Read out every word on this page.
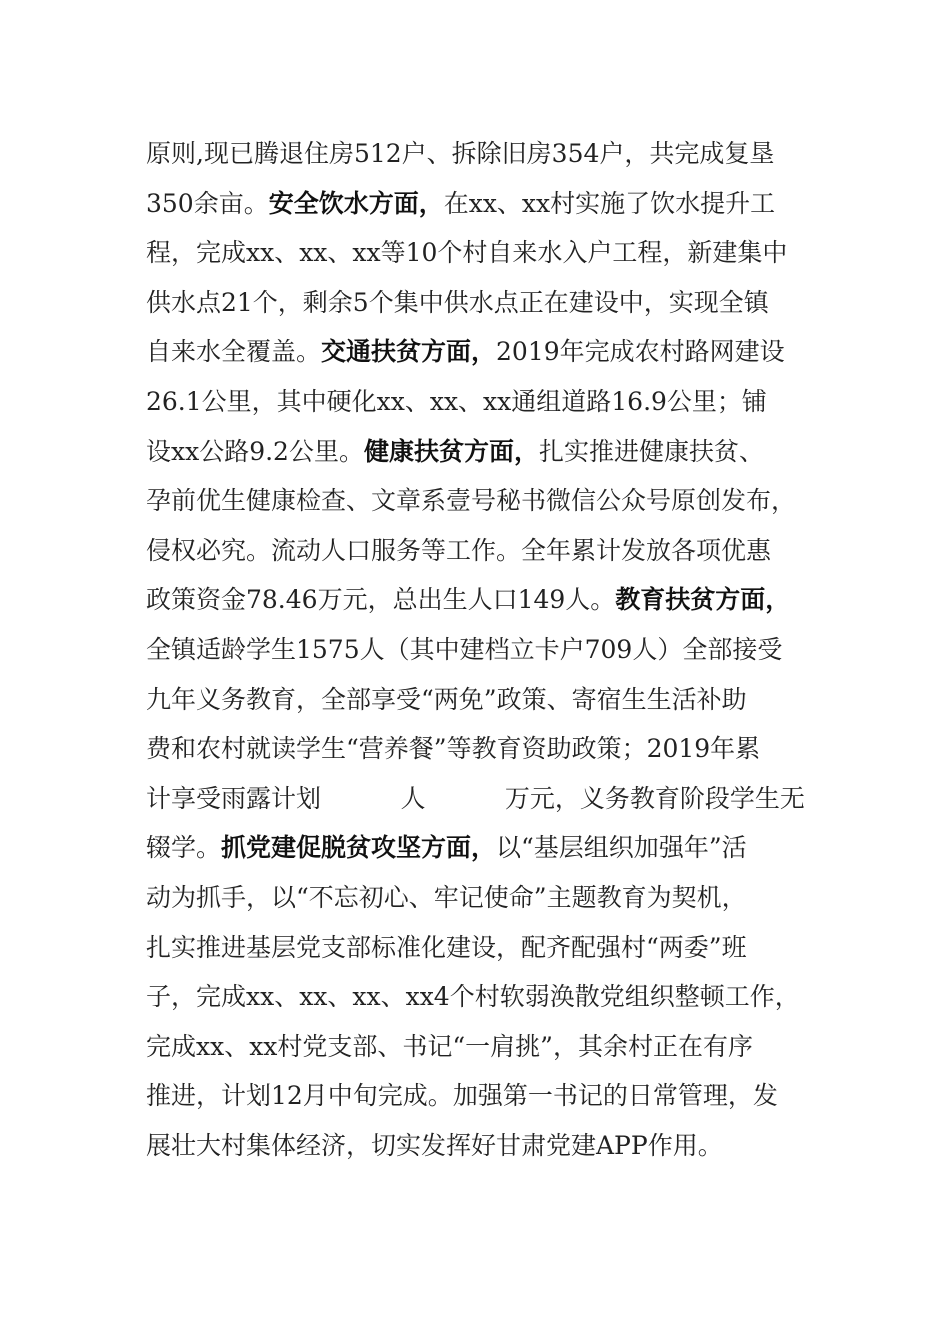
原则,现已腾退住房512户、拆除旧房354户，共完成复垦
350余亩。安全饮水方面，在xx、xx村实施了饮水提升工
程，完成xx、xx、xx等10个村自来水入户工程，新建集中
供水点21个，剩余5个集中供水点正在建设中，实现全镇
自来水全覆盖。交通扶贫方面，2019年完成农村路网建设
26.1公里，其中硬化xx、xx、xx通组道路16.9公里；铺
设xx公路9.2公里。健康扶贫方面，扎实推进健康扶贫、
孕前优生健康检查、文章系壹号秘书微信公众号原创发布，
侵权必究。流动人口服务等工作。全年累计发放各项优惠
政策资金78.46万元，总出生人口149人。教育扶贫方面，
全镇适龄学生1575人（其中建档立卡户709人）全部接受
九年义务教育，全部享受“两免”政策、寄宿生生活补助
费和农村就读学生“营养餐”等教育资助政策；2019年累
计享受雨露计划          人          万元，义务教育阶段学生无
辍学。抓党建促脱贫攻坚方面，以“基层组织加强年”活
动为抓手，以“不忘初心、牢记使命”主题教育为契机，
扎实推进基层党支部标准化建设，配齐配强村“两委”班
子，完成xx、xx、xx、xx4个村软弱涣散党组织整顿工作，
完成xx、xx村党支部、书记“一肩挑”，其余村正在有序
推进，计划12月中旬完成。加强第一书记的日常管理，发
展壮大村集体经济，切实发挥好甘肃党建APP作用。
